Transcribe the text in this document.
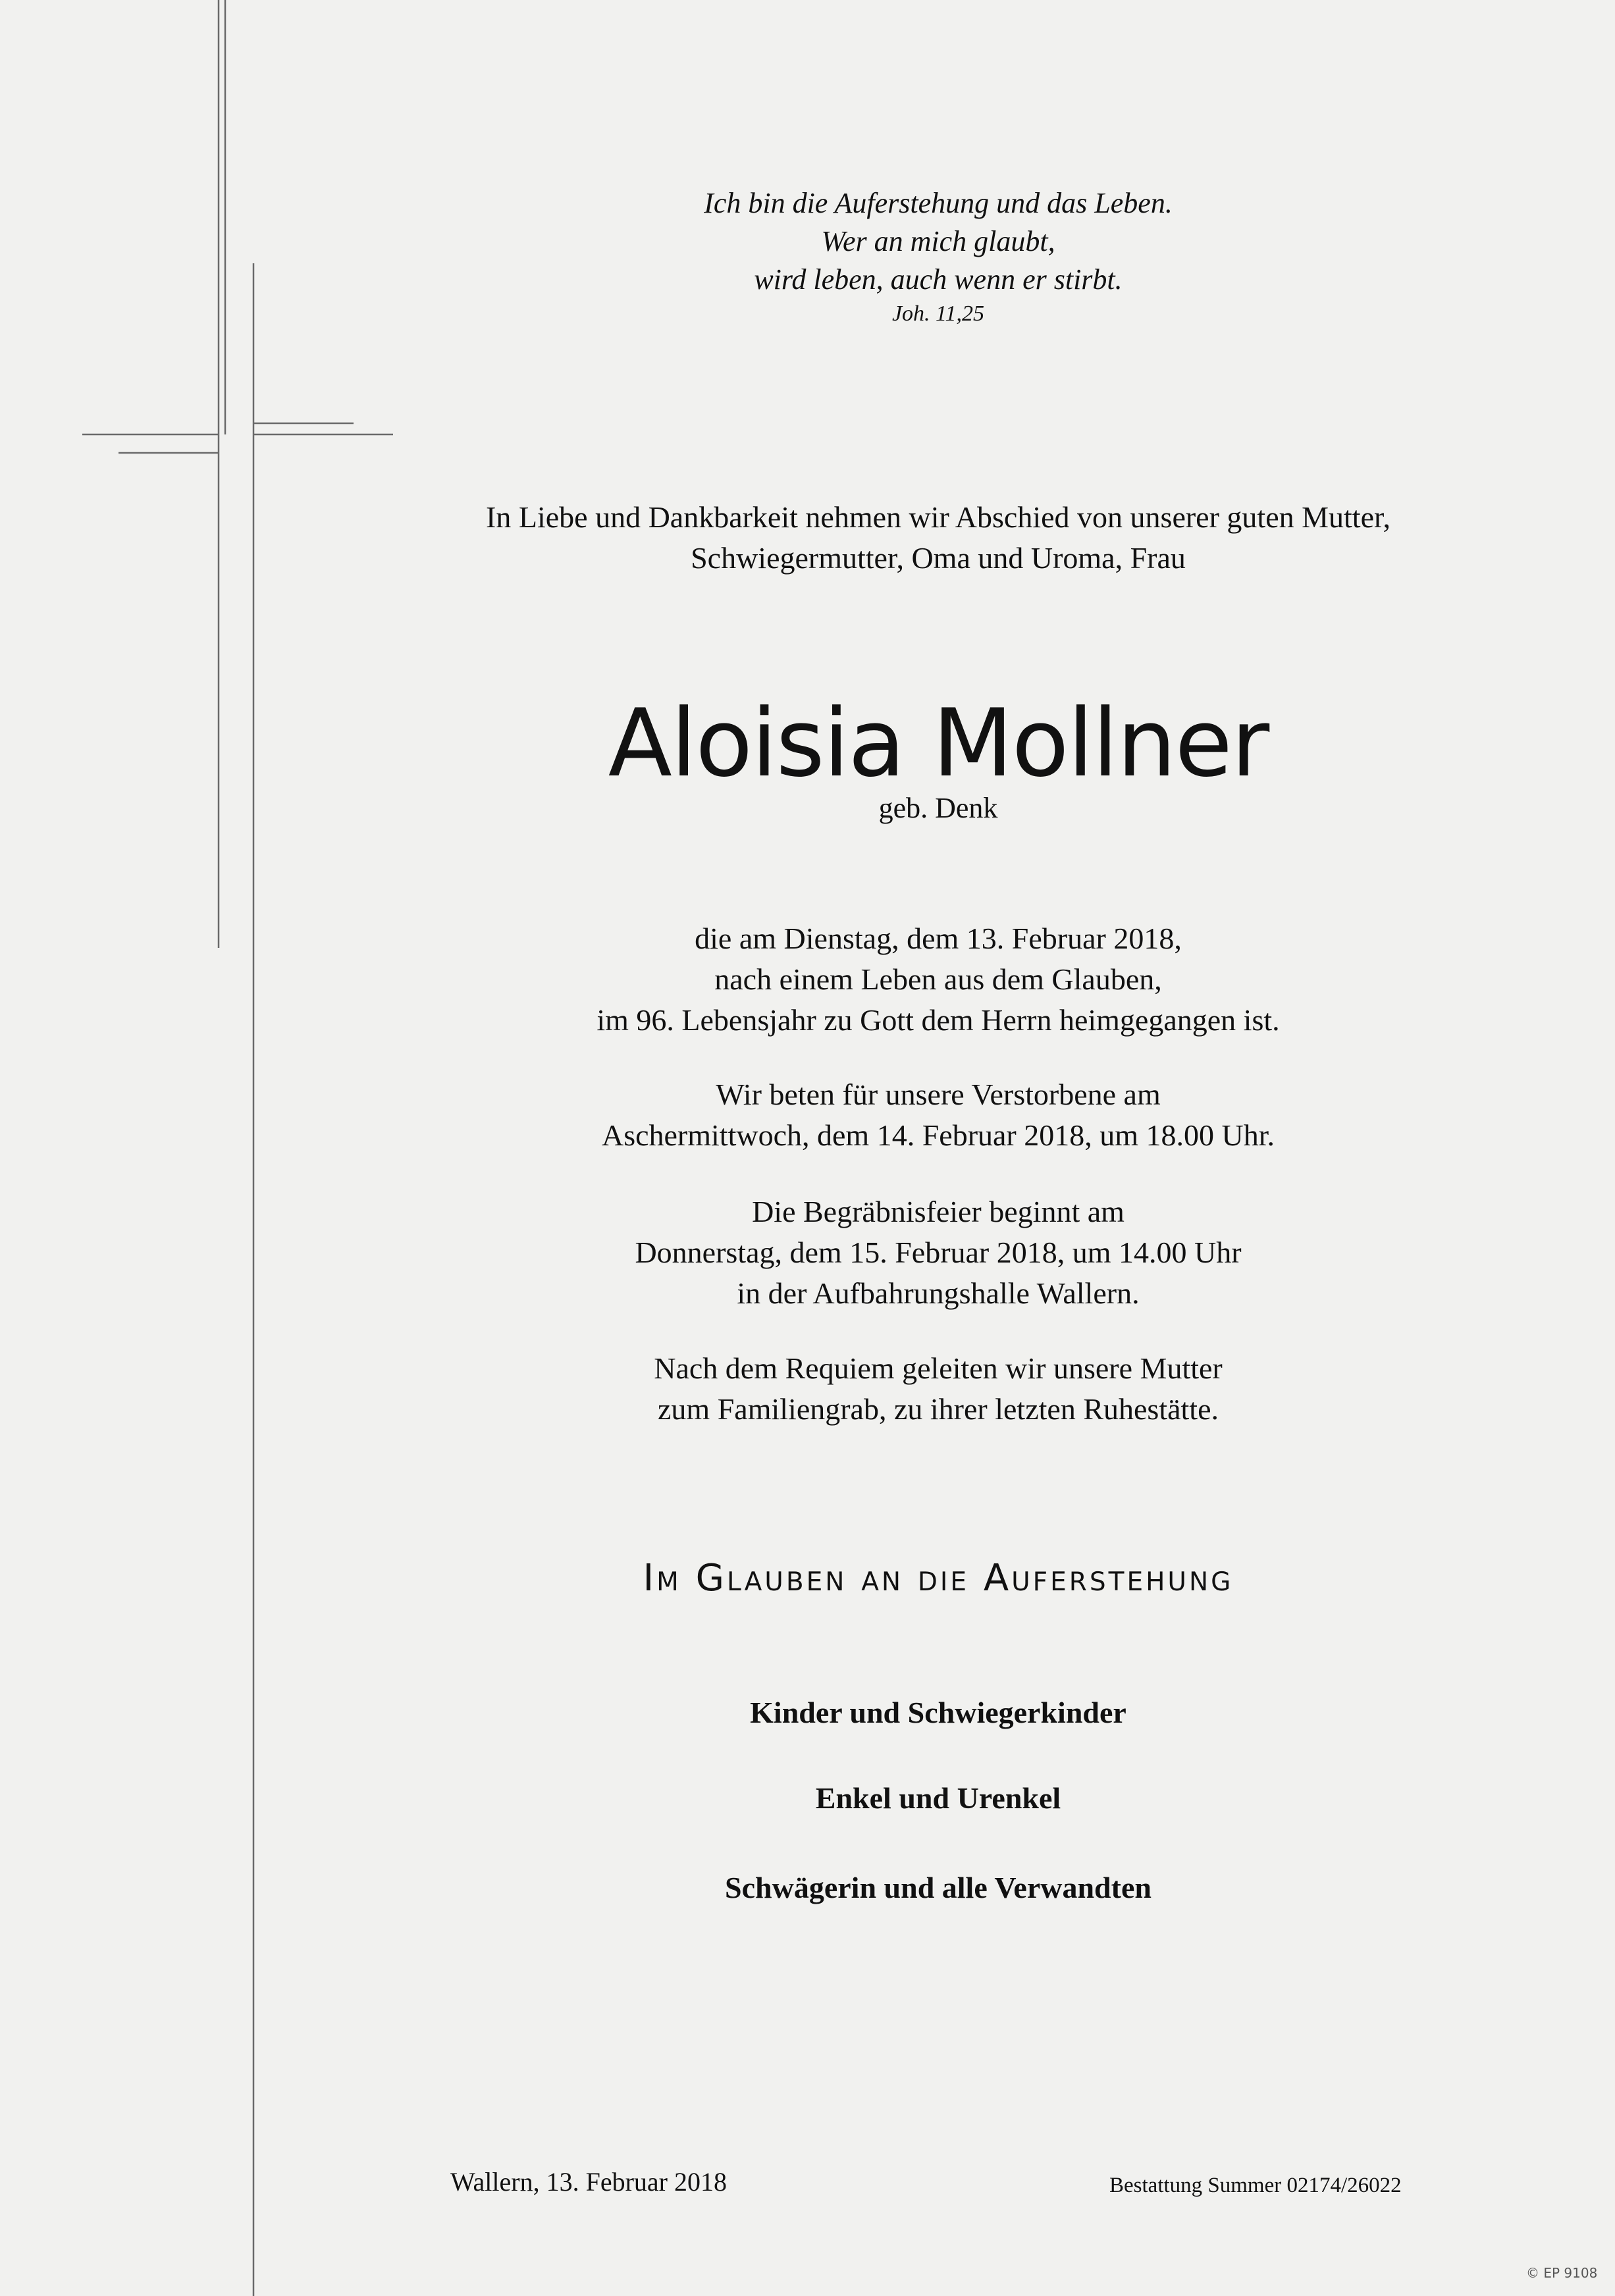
Ich bin die Auferstehung und das Leben.
Wer an mich glaubt,
wird leben, auch wenn er stirbt.
Joh. 11,25
In Liebe und Dankbarkeit nehmen wir Abschied von unserer guten Mutter,
Schwiegermutter, Oma und Uroma, Frau
Aloisia Mollner
geb. Denk
die am Dienstag, dem 13. Februar 2018,
nach einem Leben aus dem Glauben,
im 96. Lebensjahr zu Gott dem Herrn heimgegangen ist.
Wir beten für unsere Verstorbene am
Aschermittwoch, dem 14. Februar 2018, um 18.00 Uhr.
Die Begräbnisfeier beginnt am
Donnerstag, dem 15. Februar 2018, um 14.00 Uhr
in der Aufbahrungshalle Wallern.
Nach dem Requiem geleiten wir unsere Mutter
zum Familiengrab, zu ihrer letzten Ruhestätte.
Im Glauben an die Auferstehung
Kinder und Schwiegerkinder
Enkel und Urenkel
Schwägerin und alle Verwandten
Wallern, 13. Februar 2018	Bestattung Summer 02174/26022
© EP 9108
